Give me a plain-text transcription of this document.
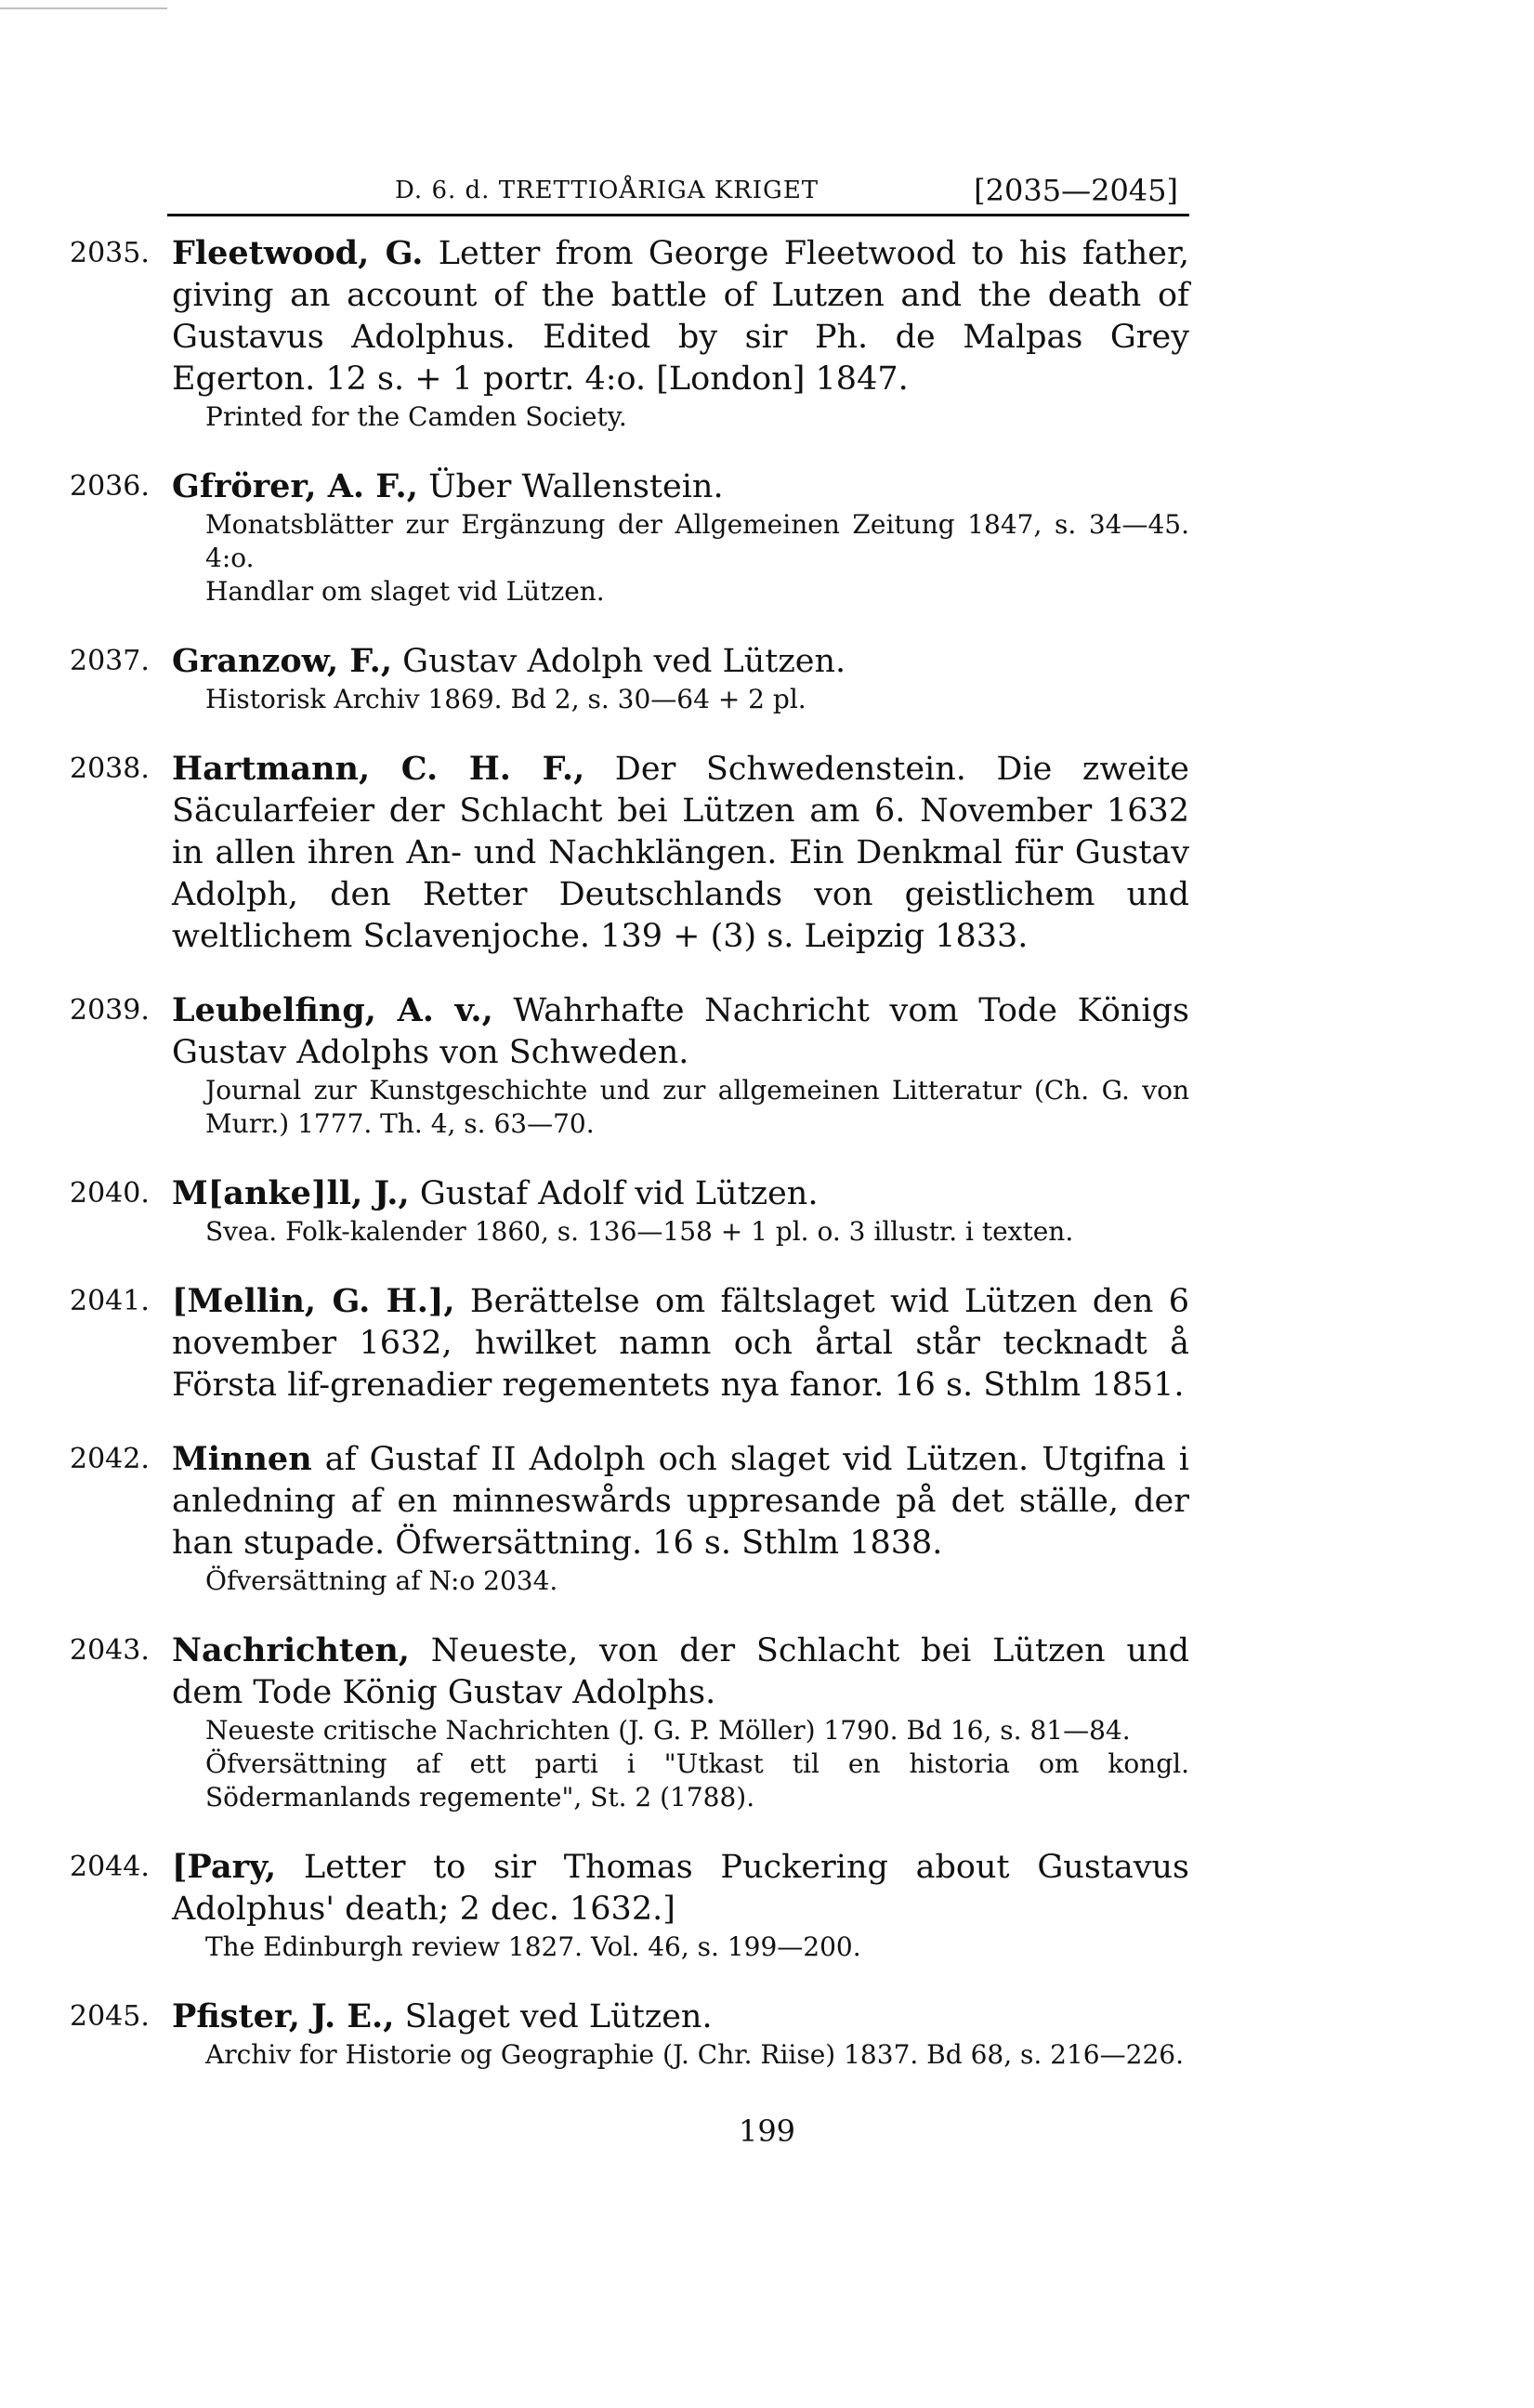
D. 6. d. TRETTIOÅRIGA KRIGET	[2035—2045]
2035. Fleetwood, G. Letter from George Fleetwood to his father, giving an account of the battle of Lutzen and the death of Gustavus Adolphus. Edited by sir Ph. de Malpas Grey Egerton. 12 s. + 1 portr. 4:o. [London] 1847.
Printed for the Camden Society.
2036. Gfrörer, A. F., Über Wallenstein.
Monatsblätter zur Ergänzung der Allgemeinen Zeitung 1847, s. 34—45. 4:o.
Handlar om slaget vid Lützen.
2037. Granzow, F., Gustav Adolph ved Lützen.
Historisk Archiv 1869. Bd 2, s. 30—64 + 2 pl.
2038. Hartmann, C. H. F., Der Schwedenstein. Die zweite Säcularfeier der Schlacht bei Lützen am 6. November 1632 in allen ihren An- und Nachklängen. Ein Denkmal für Gustav Adolph, den Retter Deutschlands von geistlichem und weltlichem Sclavenjoche. 139 + (3) s. Leipzig 1833.
2039. Leubelfing, A. v., Wahrhafte Nachricht vom Tode Königs Gustav Adolphs von Schweden.
Journal zur Kunstgeschichte und zur allgemeinen Litteratur (Ch. G. von Murr.) 1777. Th. 4, s. 63—70.
2040. M[anke]ll, J., Gustaf Adolf vid Lützen.
Svea. Folk-kalender 1860, s. 136—158 + 1 pl. o. 3 illustr. i texten.
2041. [Mellin, G. H.], Berättelse om fältslaget wid Lützen den 6 november 1632, hwilket namn och årtal står tecknadt å Första lif-grenadier regementets nya fanor. 16 s. Sthlm 1851.
2042. Minnen af Gustaf II Adolph och slaget vid Lützen. Utgifna i anledning af en minneswårds uppresande på det ställe, der han stupade. Öfwersättning. 16 s. Sthlm 1838.
Öfversättning af N:o 2034.
2043. Nachrichten, Neueste, von der Schlacht bei Lützen und dem Tode König Gustav Adolphs.
Neueste critische Nachrichten (J. G. P. Möller) 1790. Bd 16, s. 81—84.
Öfversättning af ett parti i "Utkast til en historia om kongl. Södermanlands regemente", St. 2 (1788).
2044. [Pary, Letter to sir Thomas Puckering about Gustavus Adolphus' death; 2 dec. 1632.]
The Edinburgh review 1827. Vol. 46, s. 199—200.
2045. Pfister, J. E., Slaget ved Lützen.
Archiv for Historie og Geographie (J. Chr. Riise) 1837. Bd 68, s. 216—226.
199
